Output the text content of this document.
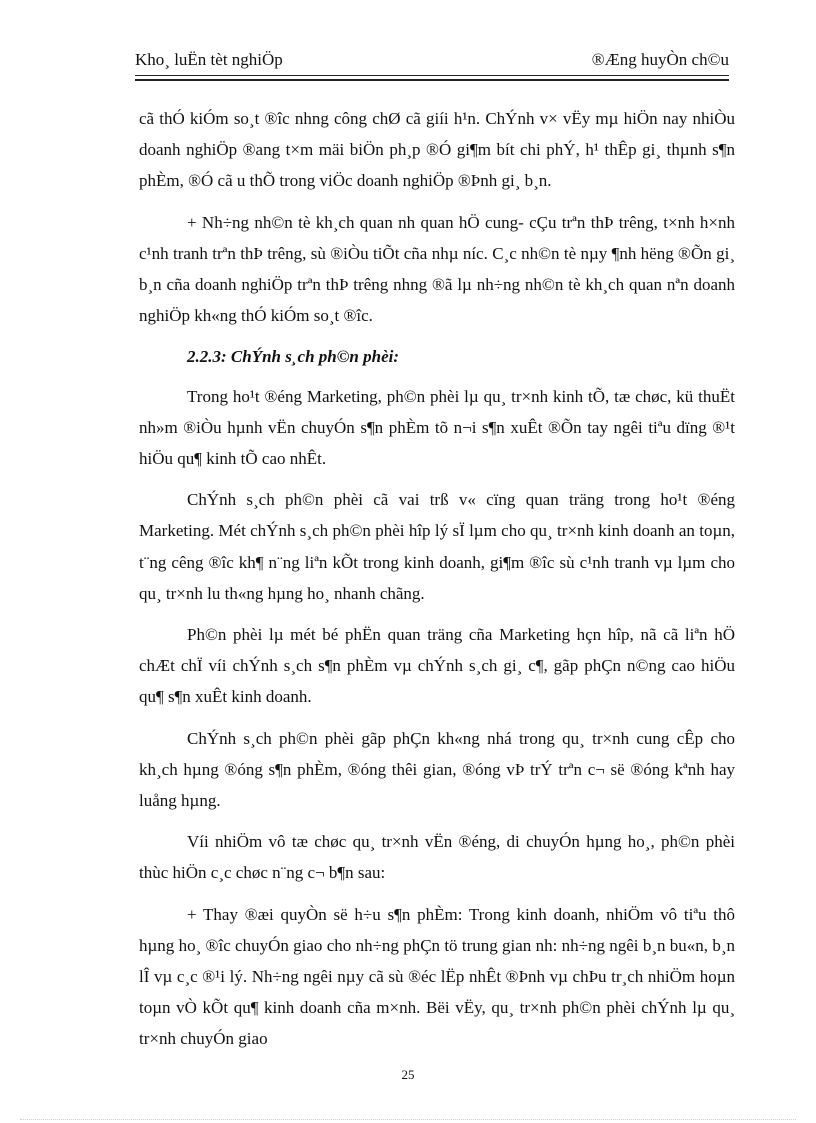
Kho¸ luËn tèt nghiÖp	®Æng huyÒn ch©u

cã thÓ kiÓm so¸t ®îc nhng công chØ cã giíi h¹n. ChÝnh v× vËy mµ hiÖn nay nhiÒu doanh nghiÖp ®ang t×m mäi biÖn ph¸p ®Ó gi¶m bít chi phÝ, h¹ thÊp gi¸ thµnh s¶n phÈm, ®Ó cã u thÕ trong viÖc doanh nghiÖp ®Þnh gi¸ b¸n.

+ Nh÷ng nh©n tè kh¸ch quan nh quan hÖ cung- cÇu trªn thÞ trêng, t×nh h×nh c¹nh tranh trªn thÞ trêng, sù ®iÒu tiÕt cña nhµ níc. C¸c nh©n tè nµy ¶nh hëng ®Õn gi¸ b¸n cña doanh nghiÖp trªn thÞ trêng nhng ®ã lµ nh÷ng nh©n tè kh¸ch quan nªn doanh nghiÖp kh«ng thÓ kiÓm so¸t ®îc.

2.2.3: ChÝnh s¸ch ph©n phèi:

Trong ho¹t ®éng Marketing, ph©n phèi lµ qu¸ tr×nh kinh tÕ, tæ chøc, kü thuËt nh»m ®iÒu hµnh vËn chuyÓn s¶n phÈm tõ n¬i s¶n xuÊt ®Õn tay ngêi tiªu dïng ®¹t hiÖu qu¶ kinh tÕ cao nhÊt.

ChÝnh s¸ch ph©n phèi cã vai trß v« cïng quan träng trong ho¹t ®éng Marketing. Mét chÝnh s¸ch ph©n phèi hîp lý sÏ lµm cho qu¸ tr×nh kinh doanh an toµn, t¨ng cêng ®îc kh¶ n¨ng liªn kÕt trong kinh doanh, gi¶m ®îc sù c¹nh tranh vµ lµm cho qu¸ tr×nh lu th«ng hµng ho¸ nhanh chãng.

Ph©n phèi lµ mét bé phËn quan träng cña Marketing hçn hîp, nã cã liªn hÖ chÆt chÏ víi chÝnh s¸ch s¶n phÈm vµ chÝnh s¸ch gi¸ c¶, gãp phÇn n©ng cao hiÖu qu¶ s¶n xuÊt kinh doanh.

ChÝnh s¸ch ph©n phèi gãp phÇn kh«ng nhá trong qu¸ tr×nh cung cÊp cho kh¸ch hµng ®óng s¶n phÈm, ®óng thêi gian, ®óng vÞ trÝ trªn c¬ së ®óng kªnh hay luång hµng.

Víi nhiÖm vô tæ chøc qu¸ tr×nh vËn ®éng, di chuyÓn hµng ho¸, ph©n phèi thùc hiÖn c¸c chøc n¨ng c¬ b¶n sau:

+ Thay ®æi quyÒn së h÷u s¶n phÈm: Trong kinh doanh, nhiÖm vô tiªu thô hµng ho¸ ®îc chuyÓn giao cho nh÷ng phÇn tö trung gian nh: nh÷ng ngêi b¸n bu«n, b¸n lÎ vµ c¸c ®¹i lý. Nh÷ng ngêi nµy cã sù ®éc lËp nhÊt ®Þnh vµ chÞu tr¸ch nhiÖm hoµn toµn vÒ kÕt qu¶ kinh doanh cña m×nh. Bëi vËy, qu¸ tr×nh ph©n phèi chÝnh lµ qu¸ tr×nh chuyÓn giao

25
